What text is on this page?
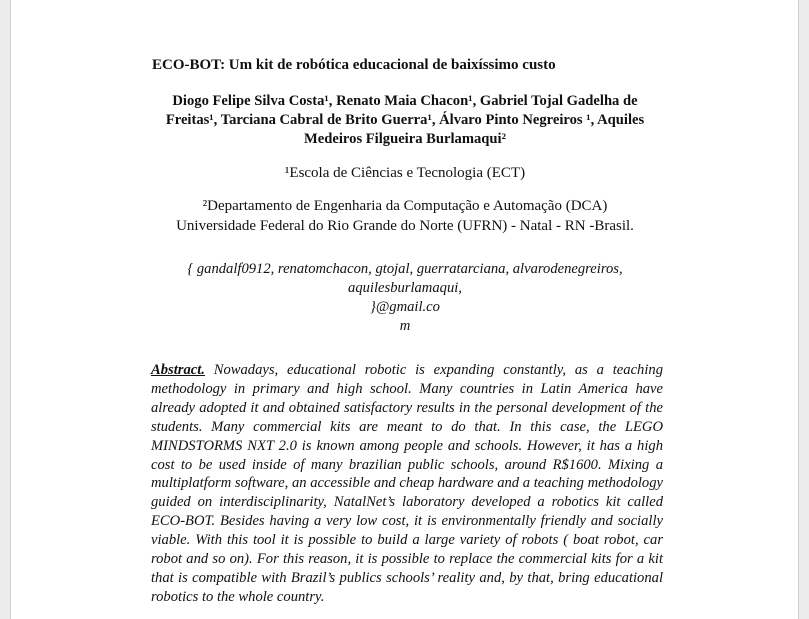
ECO-BOT: Um kit de robótica educacional de baixíssimo custo
Diogo Felipe Silva Costa¹, Renato Maia Chacon¹, Gabriel Tojal Gadelha de
Freitas¹, Tarciana Cabral de Brito Guerra¹, Álvaro Pinto Negreiros ¹, Aquiles
Medeiros Filgueira Burlamaqui²
¹Escola de Ciências e Tecnologia (ECT)
²Departamento de Engenharia da Computação e Automação (DCA)
Universidade Federal do Rio Grande do Norte (UFRN) - Natal - RN -Brasil.
{ gandalf0912, renatomchacon, gtojal, guerratarciana, alvarodenegreiros,
aquilesburlamaqui,
}@gmail.co
m
Abstract. Nowadays, educational robotic is expanding constantly, as a teaching methodology in primary and high school. Many countries in Latin America have already adopted it and obtained satisfactory results in the personal development of the students. Many commercial kits are meant to do that. In this case, the LEGO MINDSTORMS NXT 2.0 is known among people and schools. However, it has a high cost to be used inside of many brazilian public schools, around R$1600. Mixing a multiplatform software, an accessible and cheap hardware and a teaching methodology guided on interdisciplinarity, NatalNet’s laboratory developed a robotics kit called ECO-BOT. Besides having a very low cost, it is environmentally friendly and socially viable. With this tool it is possible to build a large variety of robots ( boat robot, car robot and so on). For this reason, it is possible to replace the commercial kits for a kit that is compatible with Brazil’s publics schools’ reality and, by that, bring educational robotics to the whole country.
